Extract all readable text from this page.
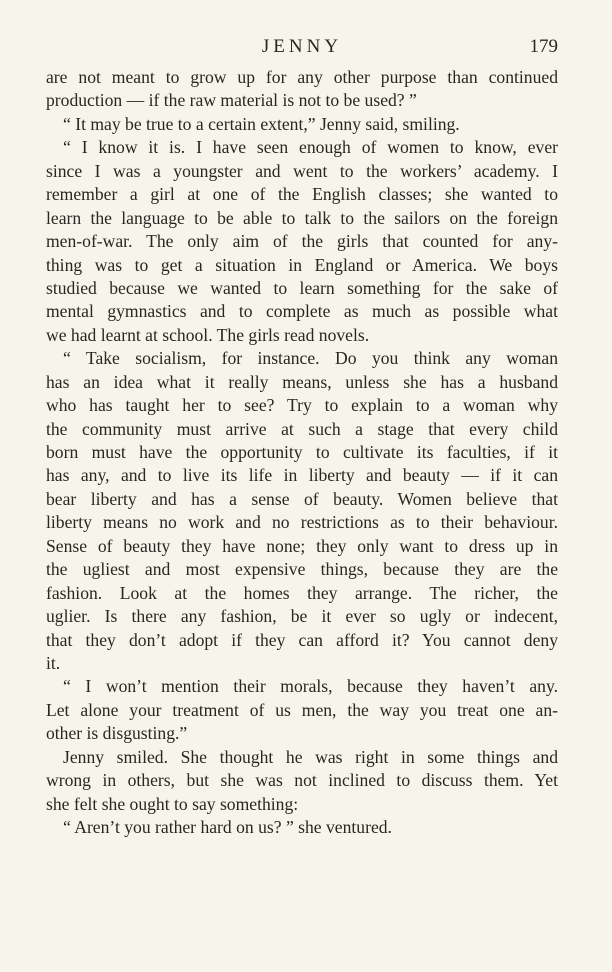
JENNY	179
are not meant to grow up for any other purpose than continued
production — if the raw material is not to be used? ”
“ It may be true to a certain extent,” Jenny said, smiling.
“ I know it is. I have seen enough of women to know, ever
since I was a youngster and went to the workers’ academy. I
remember a girl at one of the English classes; she wanted to
learn the language to be able to talk to the sailors on the foreign
men-of-war. The only aim of the girls that counted for any-
thing was to get a situation in England or America. We boys
studied because we wanted to learn something for the sake of
mental gymnastics and to complete as much as possible what
we had learnt at school. The girls read novels.
“ Take socialism, for instance. Do you think any woman
has an idea what it really means, unless she has a husband
who has taught her to see? Try to explain to a woman why
the community must arrive at such a stage that every child
born must have the opportunity to cultivate its faculties, if it
has any, and to live its life in liberty and beauty — if it can
bear liberty and has a sense of beauty. Women believe that
liberty means no work and no restrictions as to their behaviour.
Sense of beauty they have none; they only want to dress up in
the ugliest and most expensive things, because they are the
fashion. Look at the homes they arrange. The richer, the
uglier. Is there any fashion, be it ever so ugly or indecent,
that they don’t adopt if they can afford it? You cannot deny
it.
“ I won’t mention their morals, because they haven’t any.
Let alone your treatment of us men, the way you treat one an-
other is disgusting.”
Jenny smiled. She thought he was right in some things and
wrong in others, but she was not inclined to discuss them. Yet
she felt she ought to say something:
“ Aren’t you rather hard on us? ” she ventured.
